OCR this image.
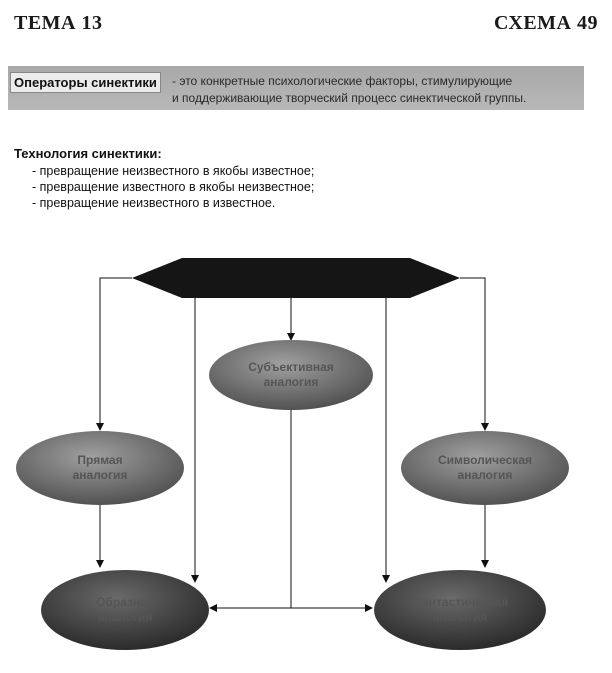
ТЕМА 13	СХЕМА 49
Операторы синектики	- это конкретные психологические факторы, стимулирующие
и поддерживающие творческий процесс синектической группы.
Технология синектики:
- превращение неизвестного в якобы известное;
- превращение известного в якобы неизвестное;
- превращение неизвестного в известное.
Субъективная
аналогия
Прямая
аналогия
Символическая
аналогия
Образная
аналогия
Фантастическая
аналогия
